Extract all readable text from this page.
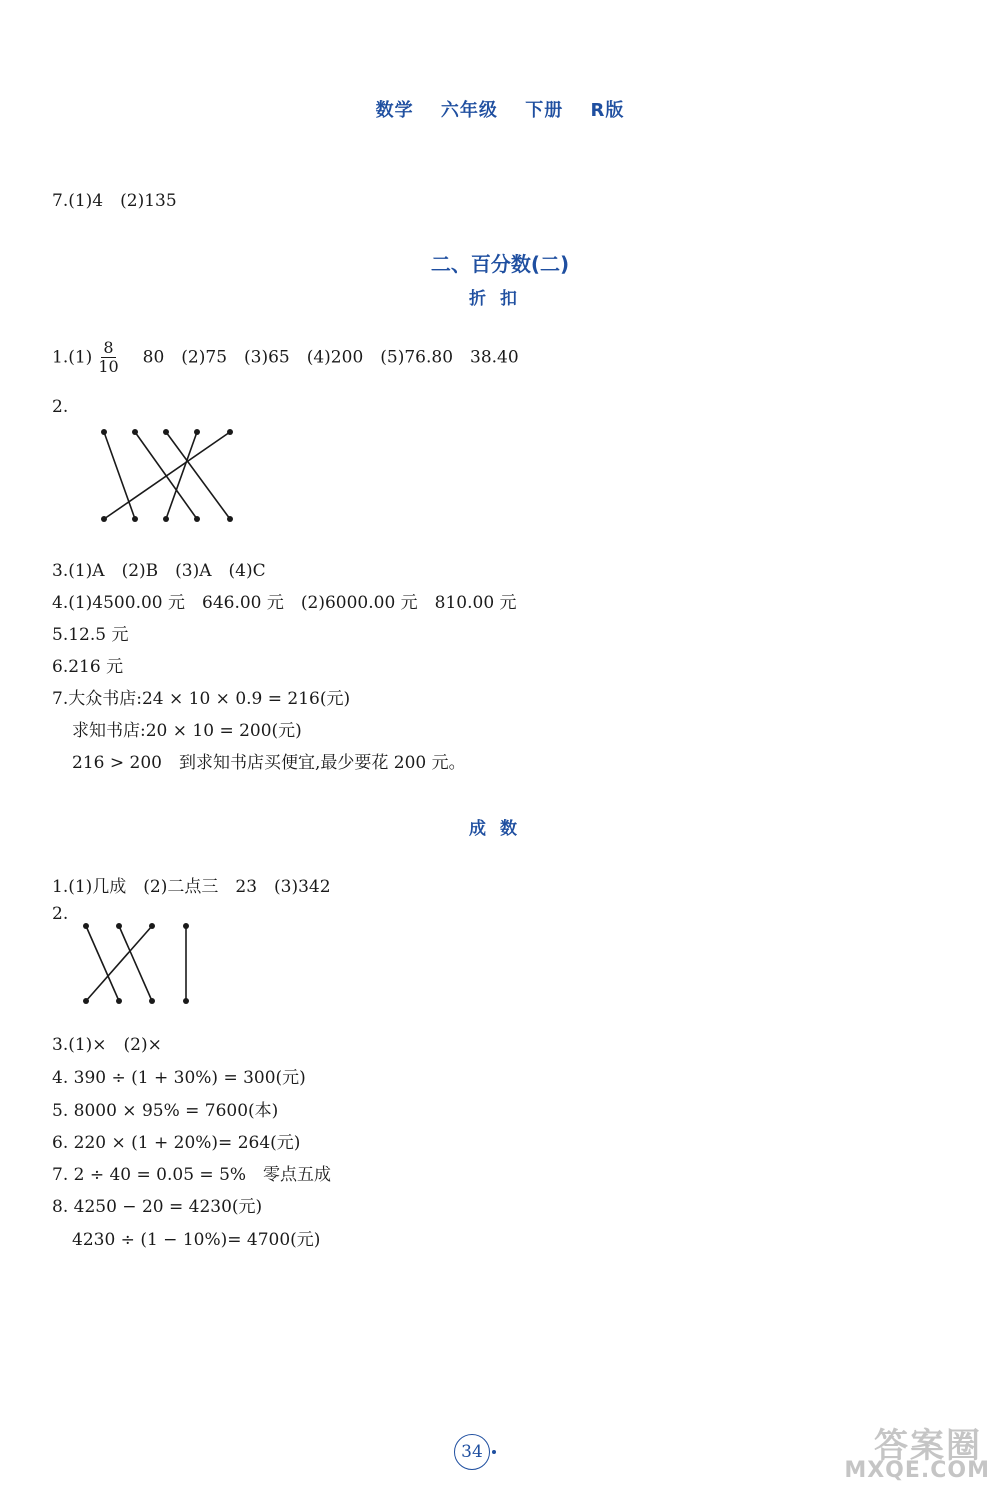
数学 六年级 下册 R版
7.(1)4　(2)135
二、百分数(二)
折扣
$1.(1) \frac{8}{10} 80$　(2)75　(3)65　(4)200　(5)76.80　38.40
2.
3.(1)A　(2)B　(3)A　(4)C
4.(1)4500.00 元　646.00 元　(2)6000.00 元　810.00 元
5.12.5 元
6.216 元
7.大众书店:24 × 10 × 0.9 = 216(元)
求知书店:20 × 10 = 200(元)
216 > 200　到求知书店买便宜,最少要花 200 元。
成数
1.(1)几成　(2)二点三　23　(3)342
2.
3.(1)×　(2)×
4. 390 ÷ (1 + 30%) = 300(元)
5. 8000 × 95% = 7600(本)
6. 220 × (1 + 20%)= 264(元)
7. 2 ÷ 40 = 0.05 = 5%　零点五成
8. 4250 − 20 = 4230(元)
4230 ÷ (1 − 10%)= 4700(元)
34	答案圈
MXQE.COM
